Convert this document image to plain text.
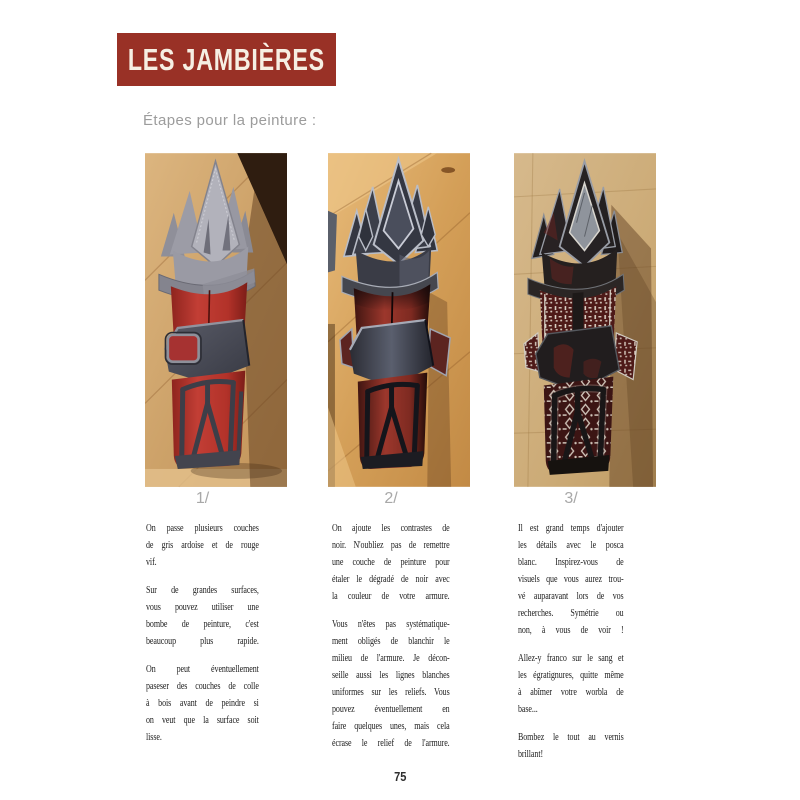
LES JAMBIÈRES
Étapes pour la peinture :
1/
On passe plusieurs couches
de gris ardoise et de rouge
vif.
Sur de grandes surfaces,
vous pouvez utiliser une
bombe de peinture, c'est
beaucoup plus rapide.
On peut éventuellement
paseser des couches de colle
à bois avant de peindre si
on veut que la surface soit
lisse.
2/
On ajoute les contrastes de
noir. N'oubliez pas de remettre
une couche de peinture pour
étaler le dégradé de noir avec
la couleur de votre armure.
Vous n'êtes pas systématique-
ment obligés de blanchir le
milieu de l'armure. Je décon-
seille aussi les lignes blanches
uniformes sur les reliefs. Vous
pouvez éventuellement en
faire quelques unes, mais cela
écrase le relief de l'armure.
3/
Il est grand temps d'ajouter
les détails avec le posca
blanc. Inspirez-vous de
visuels que vous aurez trou-
vé auparavant lors de vos
recherches. Symétrie ou
non, à vous de voir !
Allez-y franco sur le sang et
les égratignures, quitte même
à abîmer votre worbla de
base...
Bombez le tout au vernis
brillant!
75
